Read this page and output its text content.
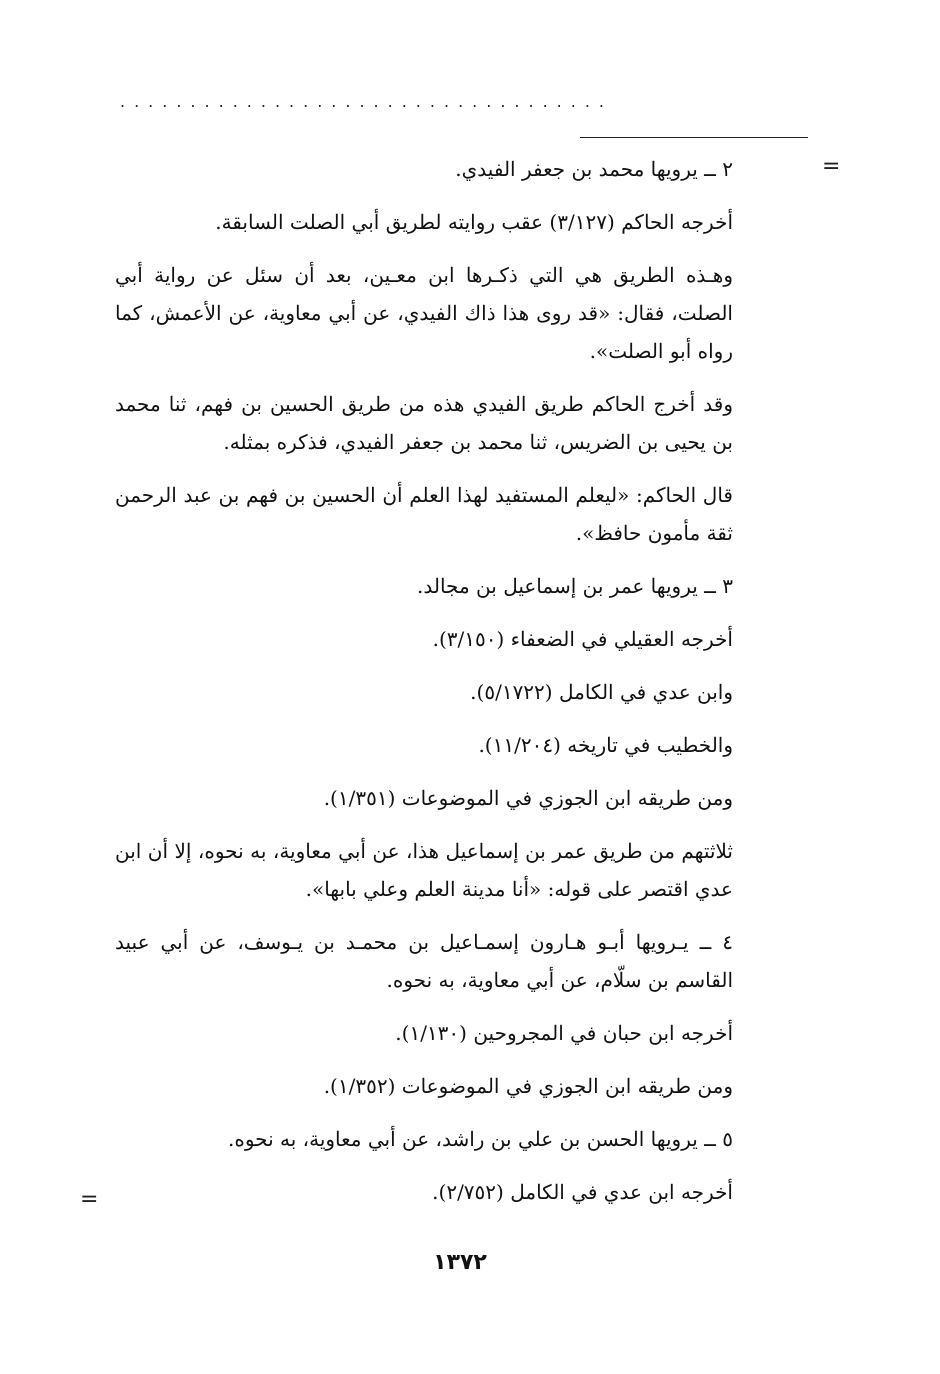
...................................
=
=

٢ ــ يرويها محمد بن جعفر الفيدي.

أخرجه الحاكم (٣/١٢٧) عقب روايته لطريق أبي الصلت السابقة.

وهـذه الطريق هي التي ذكـرها ابن معـين، بعد أن سئل عن رواية أبي الصلت، فقال: «قد روى هذا ذاك الفيدي، عن أبي معاوية، عن الأعمش، كما رواه أبو الصلت».

وقد أخرج الحاكم طريق الفيدي هذه من طريق الحسين بن فهم، ثنا محمد بن يحيى بن الضريس، ثنا محمد بن جعفر الفيدي، فذكره بمثله.

قال الحاكم: «ليعلم المستفيد لهذا العلم أن الحسين بن فهم بن عبد الرحمن ثقة مأمون حافظ».

٣ ــ يرويها عمر بن إسماعيل بن مجالد.

أخرجه العقيلي في الضعفاء (٣/١٥٠).

وابن عدي في الكامل (٥/١٧٢٢).

والخطيب في تاريخه (١١/٢٠٤).

ومن طريقه ابن الجوزي في الموضوعات (١/٣٥١).

ثلاثتهم من طريق عمر بن إسماعيل هذا، عن أبي معاوية، به نحوه، إلا أن ابن عدي اقتصر على قوله: «أنا مدينة العلم وعلي بابها».

٤ ــ يـرويها أبـو هـارون إسمـاعيل بن محمـد بن يـوسف، عن أبي عبيد القاسم بن سلّام، عن أبي معاوية، به نحوه.

أخرجه ابن حبان في المجروحين (١/١٣٠).

ومن طريقه ابن الجوزي في الموضوعات (١/٣٥٢).

٥ ــ يرويها الحسن بن علي بن راشد، عن أبي معاوية، به نحوه.

أخرجه ابن عدي في الكامل (٢/٧٥٢).

١٣٧٢
